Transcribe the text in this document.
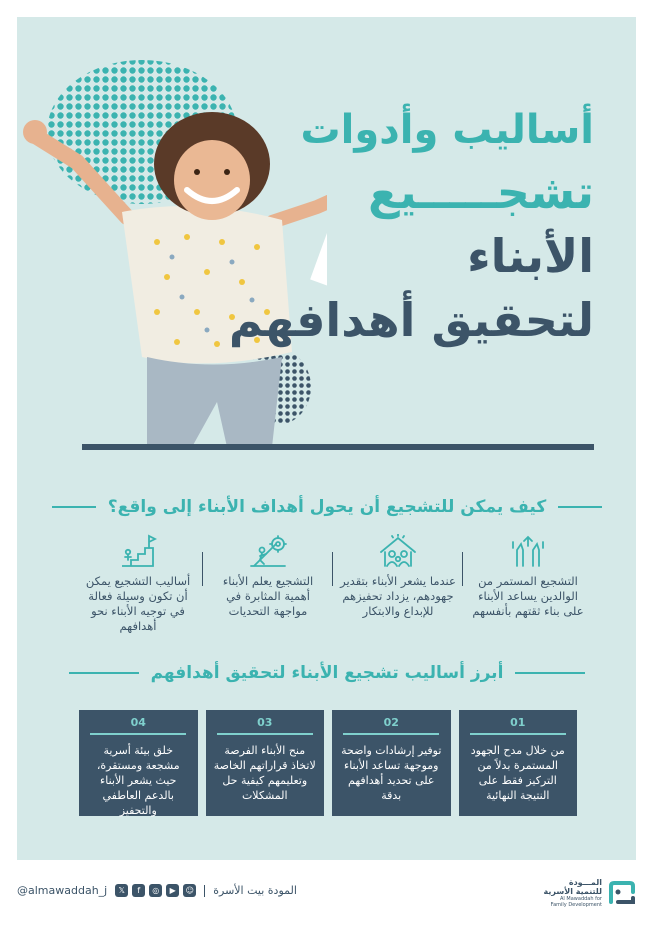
أساليب وأدوات
تشجـــــيع
الأبناء
لتحقيق أهدافهم
كيف يمكن للتشجيع أن يحول أهداف الأبناء إلى واقع؟

التشجيع المستمر من الوالدين يساعد الأبناء على بناء ثقتهم بأنفسهم

عندما يشعر الأبناء بتقدير جهودهم، يزداد تحفيزهم للإبداع والابتكار

التشجيع يعلم الأبناء أهمية المثابرة في مواجهة التحديات

أساليب التشجيع يمكن أن تكون وسيلة فعالة في توجيه الأبناء نحو أهدافهم

أبرز أساليب تشجيع الأبناء لتحقيق أهدافهم
01

من خلال مدح الجهود المستمرة بدلاً من التركيز فقط على النتيجة النهائية

02

توفير إرشادات واضحة وموجهة تساعد الأبناء على تحديد أهدافهم بدقة

03

منح الأبناء الفرصة لاتخاذ قراراتهم الخاصة وتعليمهم كيفية حل المشكلات

04

خلق بيئة أسرية مشجعة ومستقرة، حيث يشعر الأبناء بالدعم العاطفي والتحفيز

المـــودة
للتنمية الأسرية
Al Mawaddah for
Family Development
المودة بيت الأسرة
𝕏	f	◎	▶	☺
@almawaddah_j
